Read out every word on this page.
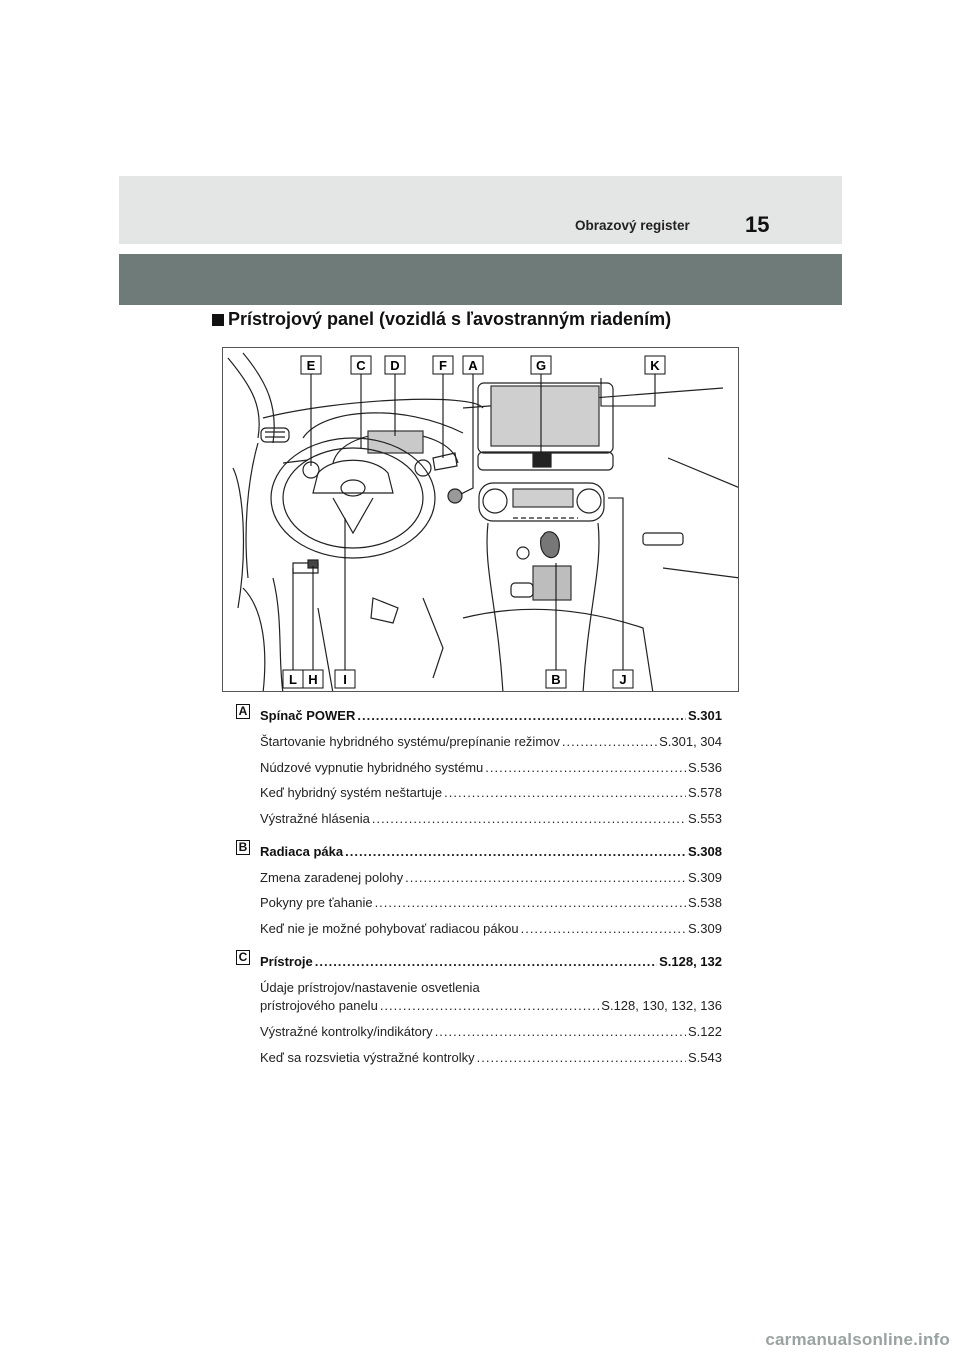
Obrazový register	15
Prístrojový panel (vozidlá s ľavostranným riadením)
E	C D	F A	G	K
L H I	B	J
A Spínač POWER .....	S.301
Štartovanie hybridného systému/prepínanie režimov .....	S.301, 304
Núdzové vypnutie hybridného systému .....	S.536
Keď hybridný systém neštartuje .....	S.578
Výstražné hlásenia .....	S.553
B Radiaca páka .....	S.308
Zmena zaradenej polohy .....	S.309
Pokyny pre ťahanie .....	S.538
Keď nie je možné pohybovať radiacou pákou .....	S.309
C Prístroje .....	S.128, 132
Údaje prístrojov/nastavenie osvetlenia
prístrojového panelu .....	S.128, 130, 132, 136
Výstražné kontrolky/indikátory .....	S.122
Keď sa rozsvietia výstražné kontrolky .....	S.543
carmanualsonline.info
